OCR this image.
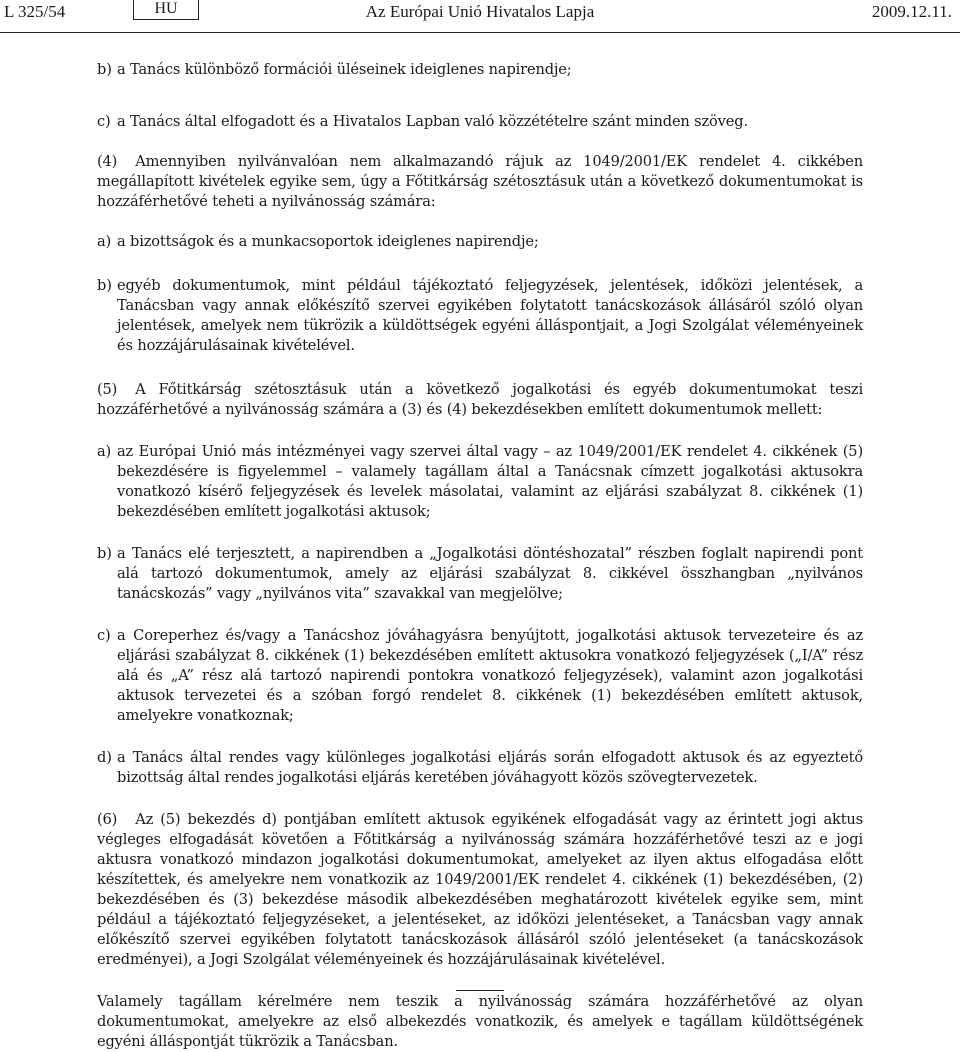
L 325/54	HU	Az Európai Unió Hivatalos Lapja	2009.12.11.
b) a Tanács különböző formációi üléseinek ideiglenes napirendje;
c) a Tanács által elfogadott és a Hivatalos Lapban való közzétételre szánt minden szöveg.

(4) Amennyiben nyilvánvalóan nem alkalmazandó rájuk az 1049/2001/EK rendelet 4. cikkében megállapított kivételek egyike sem, úgy a Főtitkárság szétosztásuk után a következő dokumentumokat is hozzáférhetővé teheti a nyilvánosság számára:

a) a bizottságok és a munkacsoportok ideiglenes napirendje;
b) egyéb dokumentumok, mint például tájékoztató feljegyzések, jelentések, időközi jelentések, a Tanácsban vagy annak előkészítő szervei egyikében folytatott tanácskozások állásáról szóló olyan jelentések, amelyek nem tükrözik a küldöttségek egyéni álláspontjait, a Jogi Szolgálat véleményeinek és hozzájárulásainak kivételével.

(5) A Főtitkárság szétosztásuk után a következő jogalkotási és egyéb dokumentumokat teszi hozzáférhetővé a nyilvánosság számára a (3) és (4) bekezdésekben említett dokumentumok mellett:

a) az Európai Unió más intézményei vagy szervei által vagy – az 1049/2001/EK rendelet 4. cikkének (5) bekezdésére is figyelemmel – valamely tagállam által a Tanácsnak címzett jogalkotási aktusokra vonatkozó kísérő feljegyzések és levelek másolatai, valamint az eljárási szabályzat 8. cikkének (1) bekezdésében említett jogalkotási aktusok;
b) a Tanács elé terjesztett, a napirendben a „Jogalkotási döntéshozatal” részben foglalt napirendi pont alá tartozó dokumentumok, amely az eljárási szabályzat 8. cikkével összhangban „nyilvános tanácskozás” vagy „nyilvános vita” szavakkal van megjelölve;
c) a Coreperhez és/vagy a Tanácshoz jóváhagyásra benyújtott, jogalkotási aktusok tervezeteire és az eljárási szabályzat 8. cikkének (1) bekezdésében említett aktusokra vonatkozó feljegyzések („I/A” rész alá és „A” rész alá tartozó napirendi pontokra vonatkozó feljegyzések), valamint azon jogalkotási aktusok tervezetei és a szóban forgó rendelet 8. cikkének (1) bekezdésében említett aktusok, amelyekre vonatkoznak;
d) a Tanács által rendes vagy különleges jogalkotási eljárás során elfogadott aktusok és az egyeztető bizottság által rendes jogalkotási eljárás keretében jóváhagyott közös szövegtervezetek.

(6) Az (5) bekezdés d) pontjában említett aktusok egyikének elfogadását vagy az érintett jogi aktus végleges elfogadását követően a Főtitkárság a nyilvánosság számára hozzáférhetővé teszi az e jogi aktusra vonatkozó mindazon jogalkotási dokumentumokat, amelyeket az ilyen aktus elfogadása előtt készítettek, és amelyekre nem vonatkozik az 1049/2001/EK rendelet 4. cikkének (1) bekezdésében, (2) bekezdésében és (3) bekezdése második albekezdésében meghatározott kivételek egyike sem, mint például a tájékoztató feljegyzéseket, a jelentéseket, az időközi jelentéseket, a Tanácsban vagy annak előkészítő szervei egyikében folytatott tanácskozások állásáról szóló jelentéseket (a tanácskozások eredményei), a Jogi Szolgálat véleményeinek és hozzájárulásainak kivételével.

Valamely tagállam kérelmére nem teszik a nyilvánosság számára hozzáférhetővé az olyan dokumentumokat, amelyekre az első albekezdés vonatkozik, és amelyek e tagállam küldöttségének egyéni álláspontját tükrözik a Tanácsban.
